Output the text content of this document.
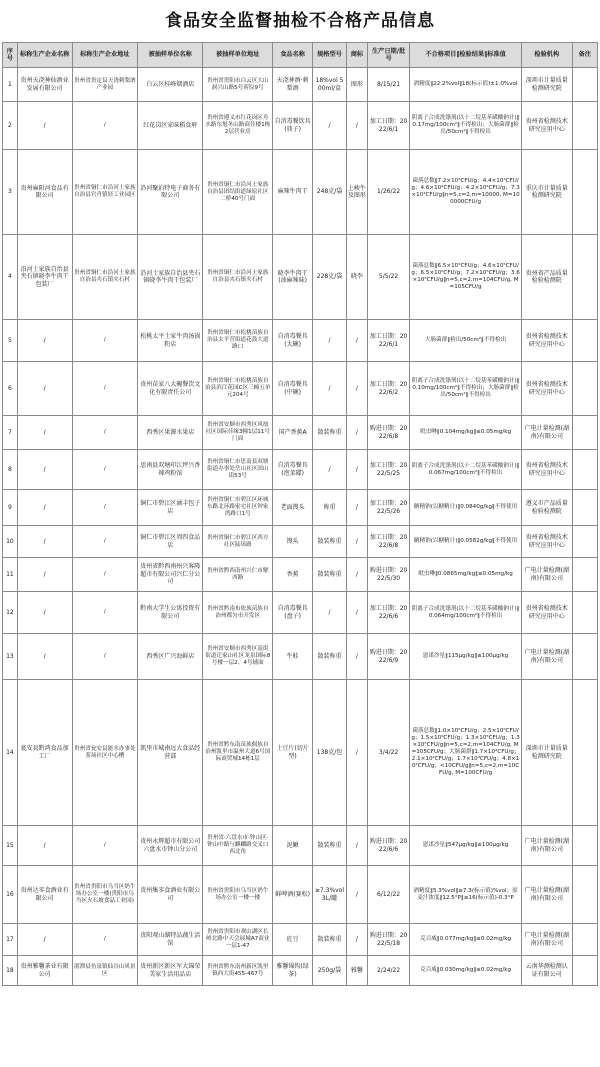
食品安全监督抽检不合格产品信息
序号	标称生产企业名称	标称生产企业地址	被抽样单位名称	被抽样单位地址	食品名称	规格型号	商标	生产日期/批号	不合格项目‖检验结果‖标准值	检验机构	备注
1	贵州天浇神仙酒业发展有限公司	贵州省贵定县天浇刺梨酒产业园	白云区桂峰烟酒店	贵州省贵阳市白云区大山洞兴山路5号荷原9号	天浇神酒·刺梨酒	18%vol 500ml/盒	图形	8/15/21	酒精度‖22.2%vol‖18(标示值)±1.0%vol	深圳市计量质量检测研究院	
2	/	/	红花岗区家味稻食府	贵州省遵义市红花岗区舟水路东旭冬山路商住楼1栋2层营业房	自消毒餐饮具(筷子)	/	/	加工日期：2022/6/1	阴离子合成洗涤剂(以十二烷基苯磺酸钠计)‖0.17mg/100cm²‖不得检出；大肠菌群‖检出/50cm²‖不得检出	贵州省检测技术研究应用中心	
3	贵州麻阳河食品有限公司	贵州省铜仁市沿河土家族自治县官舟镇轻工业园区	沿河聚泊特电子商务有限公司	贵州省铜仁市沿河土家族自治县团结街道绿原社区二桥40号门面	麻辣牛肉干	248克/袋	上峻牛及图形	1/26/22	菌落总数‖7.2×10⁴CFU/g；4.4×10⁴CFU/g；4.6×10⁴CFU/g；4.2×10⁴CFU/g；7.3×10⁴CFU/g‖n=5,c=2,m=10000, M=100000CFU/g	重庆市计量质量检测研究院	
4	沿河土家族自治县夹石镇晓李牛肉干包装厂	贵州省铜仁市沿河土家族自治县夹石镇夹石村	沿河土家族自治县夹石镇晓李牛肉干包装厂	贵州省铜仁市沿河土家族自治县夹石镇夹石村	晓李牛肉干(油麻辣味)	228克/袋	晓李	5/5/22	菌落总数‖6.5×10⁵CFU/g；4.6×10⁵CFU/g；6.5×10⁵CFU/g；7.2×10⁵CFU/g；3.6×10⁵CFU/g‖n=5,c=2,m=104CFU/g, M=105CFU/g	贵州省产品质量检验检测院	
5	/	/	松桃太平土家牛肉汤锅粉店	贵州省铜仁市松桃苗族自治县太平营街道花鼓大道路口	自消毒餐具(大碗)	/	/	加工日期：2022/6/1	大肠菌群‖检出/50cm²‖不得检出	贵州省检测技术研究应用中心	
6	/	/	贵州苗家八大碗餐饮文化有限责任公司	贵州省铜仁市松桃苗族自治县滨江花园C区三幢五单元204号	自消毒餐具(中碗)	/	/	加工日期：2022/6/2	阴离子合成洗涤剂(以十二烷基苯磺酸钠计)‖0.10mg/100cm²‖不得检出；大肠菌群‖检出/50cm²‖不得检出	贵州省检测技术研究应用中心	
7	/	/	西秀区果源水果店	贵州省安顺市西秀区风凰社区国际佳缘3幢1层11号门面	国产香蕉A	散装称重	/	购进日期：2022/6/8	吡虫啉‖0.104mg/kg‖≤0.05mg/kg	广电计量检测(湖南)有限公司	
8	/	/	思南县双塘印江坪兴香辣鸡粉馆	贵州省铜仁市思南县双塘街道办事处岳山社区固山街53号	自消毒餐具(泡菜碟)	/	/	加工日期：2022/5/25	阴离子合成洗涤剂(以十二烷基苯磺酸钠计)‖0.067mg/100cm²‖不得检出	贵州省检测技术研究应用中心	
9	/	/	铜仁市碧江区涵丰包子店	贵州省铜仁市碧江区环城东路北环路家宅社区钟家湾路口1号	老面馒头	称重	/	加工日期：2022/5/26	糖精钠(以糖精计)‖0.0840g/kg‖不得使用	遵义市产品质量检验检测院	
10	/	/	铜仁市碧江区周四食品店	贵州省铜仁市碧江区西方社区陆场路	馒头	散装称重	/	加工日期：2022/6/8	糖精钠(以糖精计)‖0.0582g/kg‖不得使用	贵州省检测技术研究应用中心	
11	/	/	贵州省黔西南州兴客隆超市有限公司兴仁分公司	贵州省黔西南州兴仁市解西路	香蕉	散装称重	/	购进日期：2022/5/30	吡虫啉‖0.0865mg/kg‖≤0.05mg/kg	广电计量检测(湖南)有限公司	
12	/	/	黔南大学生公寓投资有限公司	贵州省黔南布依族苗族自治州都匀市开发区	自消毒餐具(盘子)	/	/	加工日期：2022/6/6	阴离子合成洗涤剂(以十二烷基苯磺酸钠计)‖0.064mg/100cm²‖不得检出	贵州省检测技术研究应用中心	
13	/	/	西秀区广兴海鲜店	贵州省安顺市西秀区南街街道迁家山社区龙泉国际8号楼一层2、4号铺面	牛蛙	散装称重	/	购进日期：2022/6/9	恩诺沙星‖115μg/kg‖≤100μg/kg	广电计量检测(湖南)有限公司	
14	瓮安县黔鸿食品加工厂	贵州省瓮安县能水办事处茶场社区中心槽	凯里市城南远大食品经营部	贵州省黔东南苗族侗族自治州凯里市温州大道6号国际商贸城14栋1层	土豆片(切片型)	138克/包	/	3/4/22	菌落总数‖1.0×10⁵CFU/g；2.5×10⁵CFU/g；1.5×10⁵CFU/g；1.3×10⁵CFU/g；1.3×10⁵CFU/g‖n=5,c=2,m=104CFU/g, M=105CFU/g；大肠菌群‖1.7×10³CFU/g；2.1×10²CFU/g；1.7×10³CFU/g；4.8×10²CFU/g；<10CFU/g‖n=5,c=2,m=10CFU/g, M=100CFU/g	深圳市计量质量检测研究院	
15	/	/	贵州永辉超市有限公司六盘水市钟山分公司	贵州省·六盘水市·钟山区·钟山中路与麒麟路交叉口西北角	泥鳅	散装称重	/	购进日期：2022/6/6	恩诺沙星‖547μg/kg‖≤100μg/kg	广电计量检测(湖南)有限公司	
16	贵州达零食酒业有限公司	贵州省贵阳市乌当区奶牛场办公室一楼(贵阳市乌当区火石坡食品工业园)	贵州集零食酒业有限公司	贵州省贵阳市乌当区奶牛场办公室一楼一楼	鲜啤酒(赛松)	≥7.3%vol 3L/罐	/	6/12/22	酒精度‖5.3%vol‖≥7.3(标示值)%vol；原麦汁浓度‖12.5°P‖≥16(标示值)-0.3°P	广电计量检测(湖南)有限公司	
17	/	/	贵阳观山湖特品蔬生活馆	贵州省贵阳市观山湖区长岭北路中天会展城A7商业一层1-47	豇豆	散装称重	/	购进日期：2022/5/18	克百威‖0.077mg/kg‖≤0.02mg/kg	广电计量检测(湖南)有限公司	
18	贵州雅馨茶业有限公司	湄潭县鱼泉镇仙谷山风景区	贵州新区新区军大锦荣美家生活用品店	贵州省黔东南州新区凯里镇西大街455-467号	雅馨锦钩(绿茶)	250g/袋	雅馨	2/24/22	克百威‖0.030mg/kg‖≤0.02mg/kg	云南华测检测认证有限公司	
